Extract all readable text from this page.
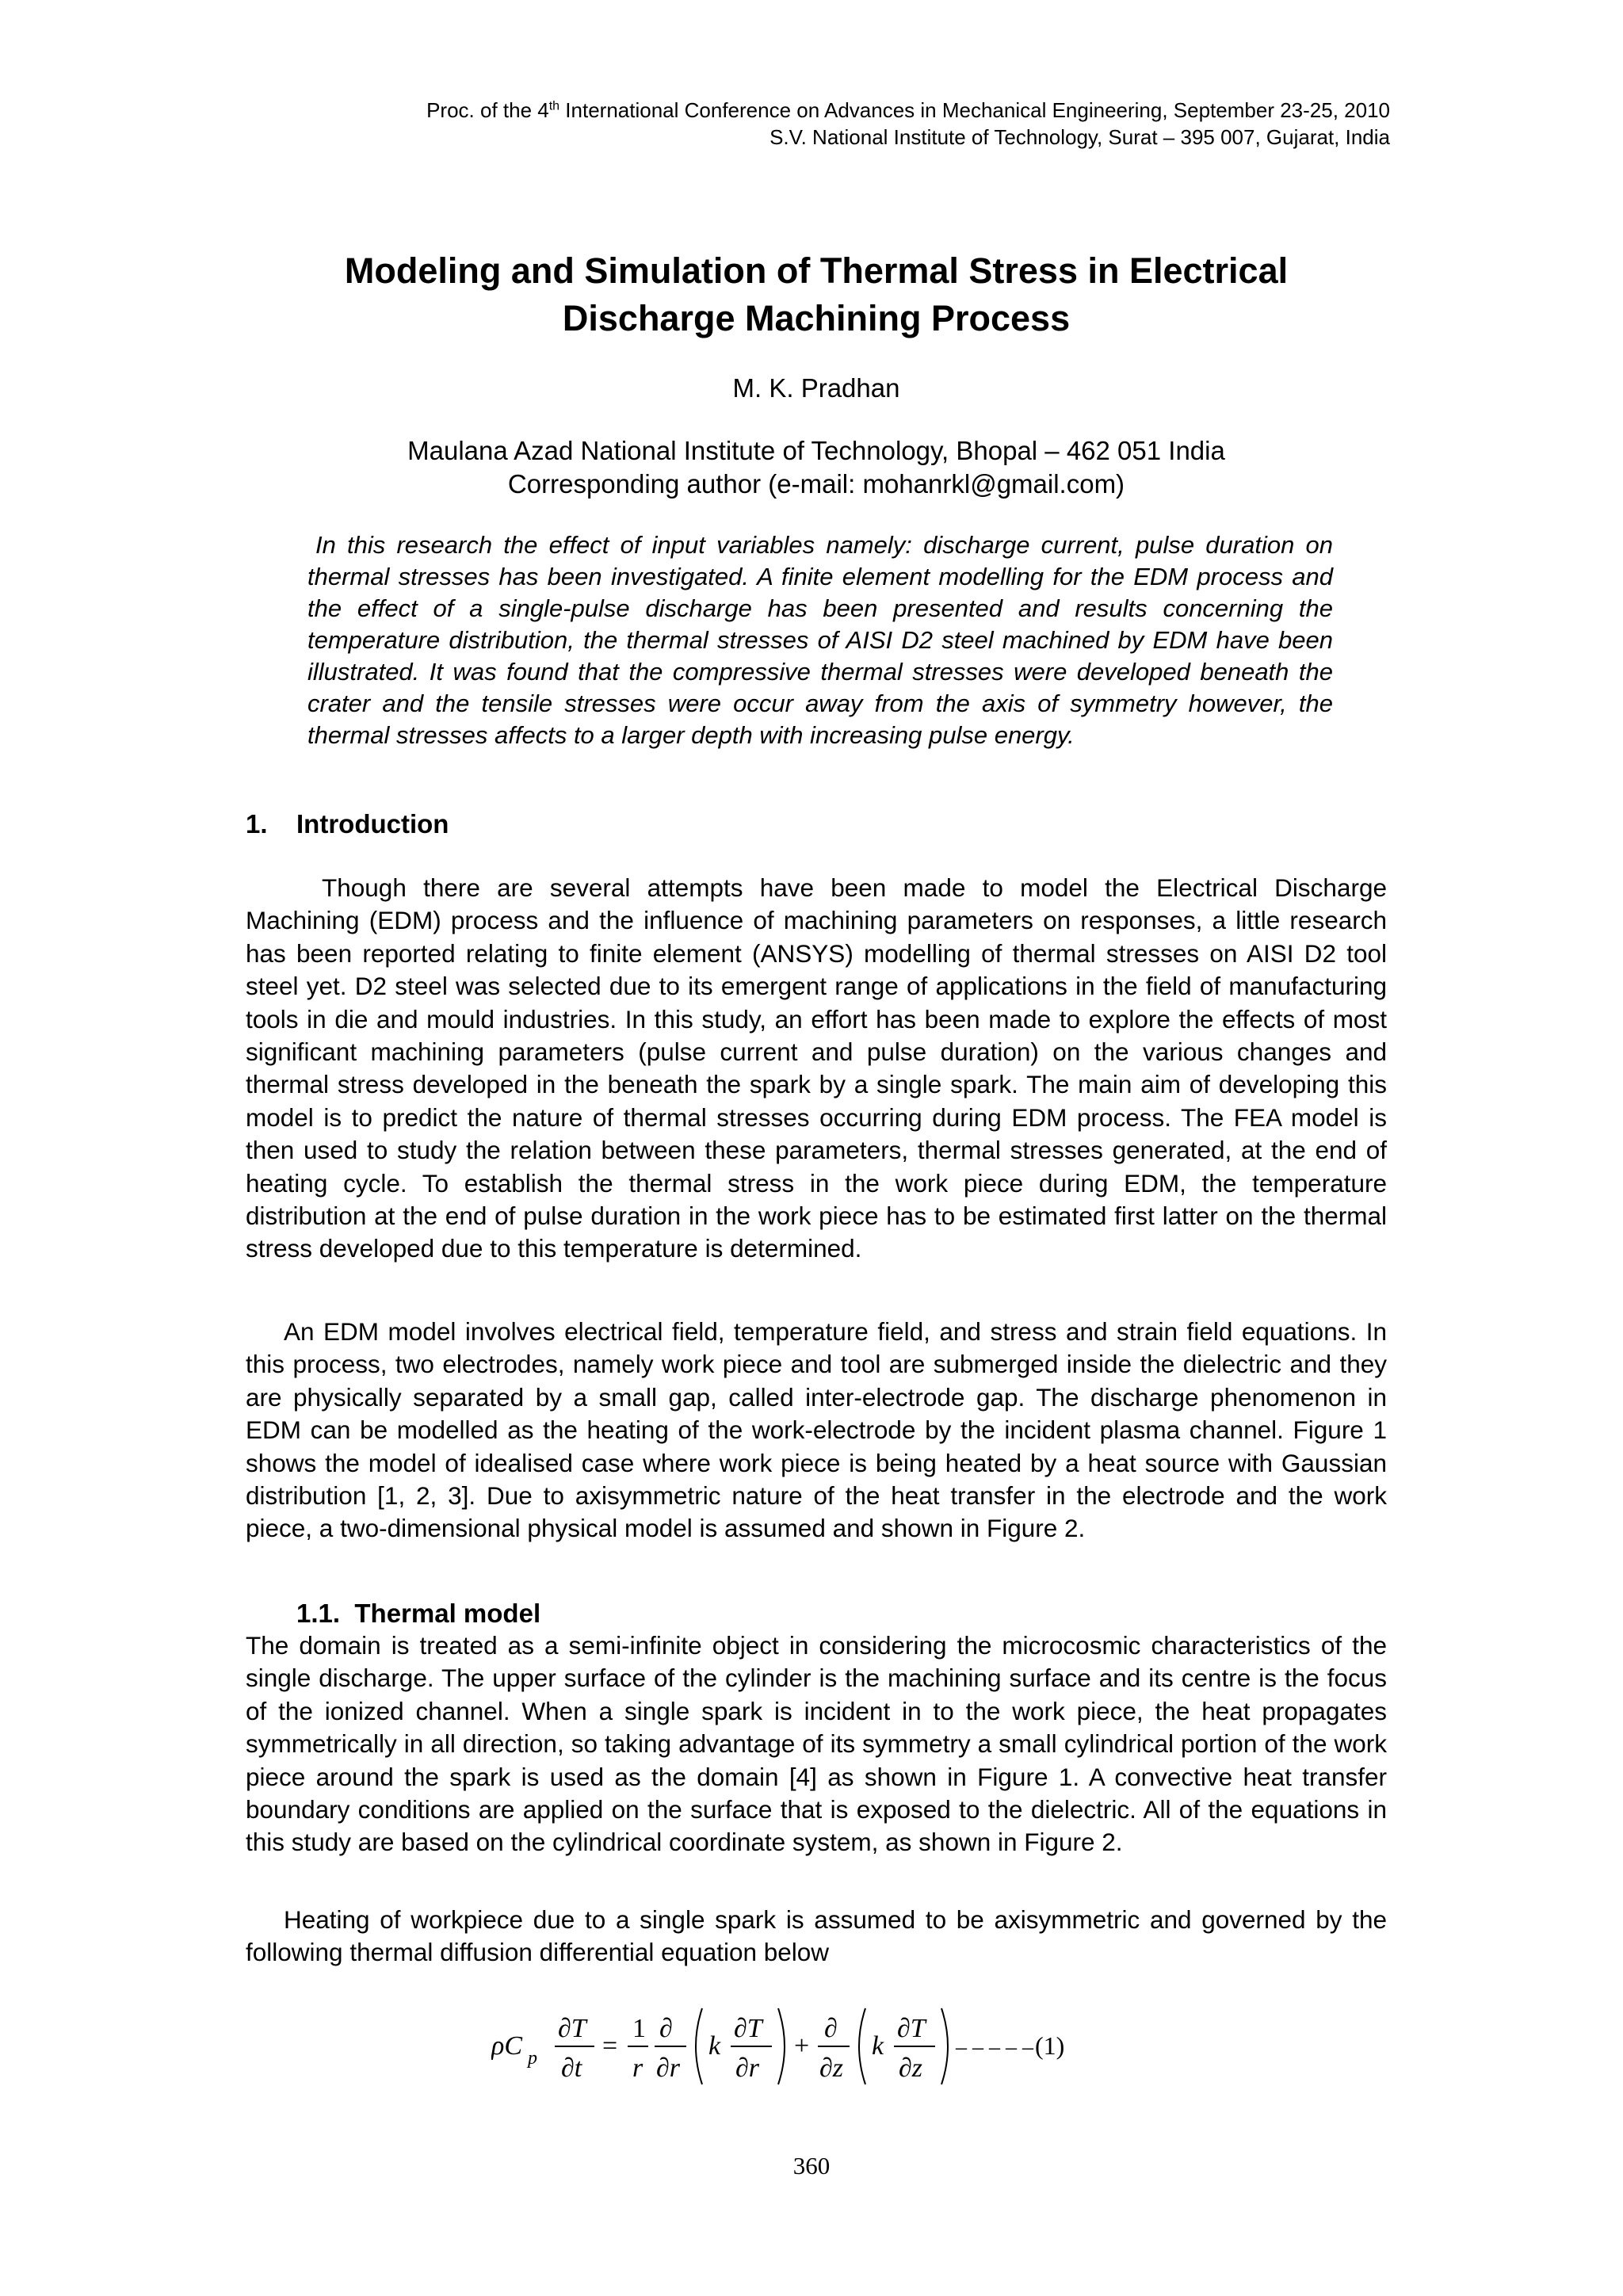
Proc. of the 4th International Conference on Advances in Mechanical Engineering, September 23-25, 2010
S.V. National Institute of Technology, Surat – 395 007, Gujarat, India
Modeling and Simulation of Thermal Stress in Electrical
Discharge Machining Process
M. K. Pradhan
Maulana Azad National Institute of Technology, Bhopal – 462 051 India
Corresponding author (e-mail: mohanrkl@gmail.com)

In this research the effect of input variables namely: discharge current, pulse duration on thermal stresses has been investigated. A finite element modelling for the EDM process and the effect of a single-pulse discharge has been presented and results concerning the temperature distribution, the thermal stresses of AISI D2 steel machined by EDM have been illustrated. It was found that the compressive thermal stresses were developed beneath the crater and the tensile stresses were occur away from the axis of symmetry however, the thermal stresses affects to a larger depth with increasing pulse energy.

1. Introduction

Though there are several attempts have been made to model the Electrical Discharge Machining (EDM) process and the influence of machining parameters on responses, a little research has been reported relating to finite element (ANSYS) modelling of thermal stresses on AISI D2 tool steel yet. D2 steel was selected due to its emergent range of applications in the field of manufacturing tools in die and mould industries. In this study, an effort has been made to explore the effects of most significant machining parameters (pulse current and pulse duration) on the various changes and thermal stress developed in the beneath the spark by a single spark. The main aim of developing this model is to predict the nature of thermal stresses occurring during EDM process. The FEA model is then used to study the relation between these parameters, thermal stresses generated, at the end of heating cycle. To establish the thermal stress in the work piece during EDM, the temperature distribution at the end of pulse duration in the work piece has to be estimated first latter on the thermal stress developed due to this temperature is determined.

An EDM model involves electrical field, temperature field, and stress and strain field equations. In this process, two electrodes, namely work piece and tool are submerged inside the dielectric and they are physically separated by a small gap, called inter-electrode gap. The discharge phenomenon in EDM can be modelled as the heating of the work-electrode by the incident plasma channel. Figure 1 shows the model of idealised case where work piece is being heated by a heat source with Gaussian distribution [1, 2, 3]. Due to axisymmetric nature of the heat transfer in the electrode and the work piece, a two-dimensional physical model is assumed and shown in Figure 2.

1.1. Thermal model

The domain is treated as a semi-infinite object in considering the microcosmic characteristics of the single discharge. The upper surface of the cylinder is the machining surface and its centre is the focus of the ionized channel. When a single spark is incident in to the work piece, the heat propagates symmetrically in all direction, so taking advantage of its symmetry a small cylindrical portion of the work piece around the spark is used as the domain [4] as shown in Figure 1. A convective heat transfer boundary conditions are applied on the surface that is exposed to the dielectric. All of the equations in this study are based on the cylindrical coordinate system, as shown in Figure 2.

Heating of workpiece due to a single spark is assumed to be axisymmetric and governed by the following thermal diffusion differential equation below

ρC p
∂T
∂t
=
1
r
∂
∂r
k
∂T
∂r
+
∂
∂z
k
∂T
∂z
– – – – – (1)
360
